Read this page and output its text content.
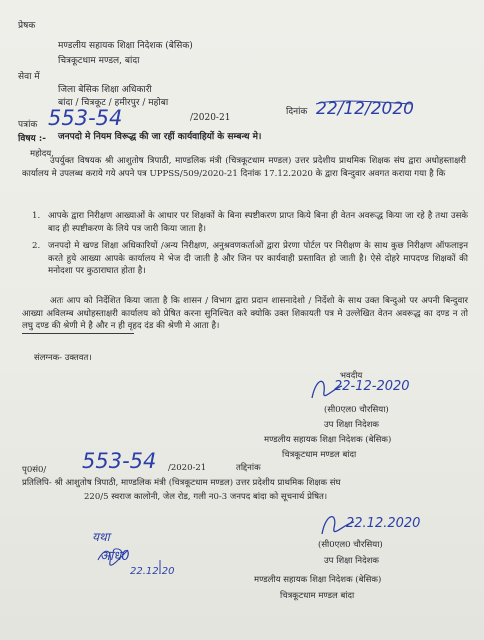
प्रेषक
मण्डलीय सहायक शिक्षा निदेशक (बेसिक)
चित्रकूटधाम मण्डल, बांदा
सेवा में
जिला बेसिक शिक्षा अधिकारी
बांदा / चित्रकूट / हमीरपुर / महोबा
पत्रांक 553-54	/2020-21
दिनांक 22/12/2020
विषय :- जनपदो मे नियम विरूद्ध की जा रहीं कार्यवाहियों के सम्बन्ध मे।
महोदय,

उपर्युक्त विषयक श्री आशुतोष त्रिपाठी, माण्डलिक मंत्री (चित्रकूटधाम मण्डल) उत्तर प्रदेशीय प्राथमिक शिक्षक संघ द्वारा अधोहस्ताक्षरी कार्यालय मे उपलब्ध कराये गये अपने पत्र UPPSS/509/2020-21 दिनांक 17.12.2020 के द्वारा बिन्दुवार अवगत कराया गया है कि

1. आपके द्वारा निरीक्षण आख्याओं के आधार पर शिक्षकों के बिना स्पष्टीकरण प्राप्त किये बिना ही वेतन अवरूद्ध किया जा रहे है तथा उसके बाद ही स्पष्टीकरण के लिये पत्र जारी किया जाता है।

2. जनपदो मे खण्ड शिक्षा अधिकारियों /अन्य निरीक्षण, अनुश्रवणकर्ताओं द्वारा प्रेरणा पोर्टल पर निरीक्षण के साथ कुछ निरीक्षण ऑफलाइन करते हुये आख्या आपके कार्यालय मे भेज दी जाती है और जिन पर कार्यवाही प्रस्तावित हो जाती है। ऐसे दोहरे मापदण्ड शिक्षकों की मनोदशा पर कुठाराघात होता है।

अतः आप को निर्देशित किया जाता है कि शासन / विभाग द्वारा प्रदान शासनादेशो / निर्देशो के साथ उक्त बिन्दुओ पर अपनी बिन्दुवार आख्या अविलम्ब अधोहस्ताक्षरी कार्यालय को प्रेषित करना सुनिश्चित करे क्योकि उक्त शिकायती पत्र मे उल्लेखित वेतन अवरूद्ध का दण्ड न तो लघु दण्ड की श्रेणी मे है और न ही वृहद दंड की श्रेणी मे आता है।

संलग्नक- उक्तवत।
भवदीय
22-12-2020
(सी0एल0 चौरसिया)
उप शिक्षा निदेशक
मण्डलीय सहायक शिक्षा निदेशक (बेसिक)
चित्रकूटधाम मण्डल बांदा
पृ0सं0/ 553-54 /2020-21	तद्दिनांक
प्रतिलिपि- श्री आशुतोष त्रिपाठी, माण्डलिक मंत्री (चित्रकूटधाम मण्डल) उत्तर प्रदेशीय प्राथमिक शिक्षक संघ
220/5 स्वराज कालोनी, जेल रोड, गली न0-3 जनपद बांदा को सूचनार्थ प्रेषित।
22.12.2020
(सी0एल0 चौरसिया)
उप शिक्षा निदेशक
मण्डलीय सहायक शिक्षा निदेशक (बेसिक)
चित्रकूटधाम मण्डल बांदा
यथा
अधि0
22.12.20
